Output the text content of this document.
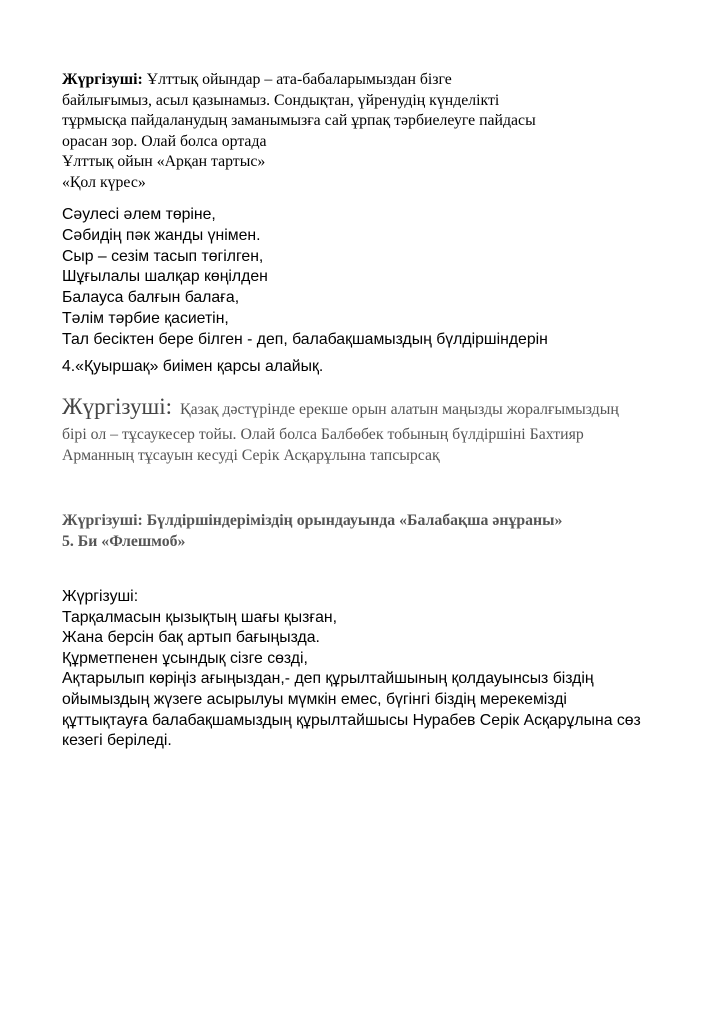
Жүргізуші: Ұлттық ойындар – ата-бабаларымыздан бізге
байлығымыз, асыл қазынамыз. Сондықтан, үйренудің күнделікті
тұрмысқа пайдаланудың заманымызға сай ұрпақ тәрбиелеуге пайдасы
орасан зор. Олай болса ортада
Ұлттық ойын «Арқан тартыс»
«Қол күрес»
Сәулесі әлем төріне,
Сәбидің пәк жанды үнімен.
Сыр – сезім тасып төгілген,
Шұғылалы шалқар көңілден
Балауса балғын балаға,
Тәлім тәрбие қасиетін,
Тал бесіктен бере білген - деп, балабақшамыздың бүлдіршіндерін
4.«Қуыршақ» биімен қарсы алайық.
Жүргізуші: Қазақ дәстүрінде ерекше орын алатын маңызды жоралғымыздың
бірі ол – тұсаукесер тойы. Олай болса Балбөбек тобының бүлдіршіні Бахтияр
Арманның тұсауын кесуді Серік Асқарұлына тапсырсақ
Жүргізуші: Бүлдіршіндеріміздің орындауында «Балабақша әнұраны»
5. Би «Флешмоб»
Жүргізуші:
Тарқалмасын қызықтың шағы қызған,
Жана берсін бақ артып бағыңызда.
Құрметпенен ұсындық сізге сөзді,
Ақтарылып көріңіз ағыңыздан,- деп құрылтайшының қолдауынсыз біздің
ойымыздың жүзеге асырылуы мүмкін емес, бүгінгі біздің мерекемізді
құттықтауға балабақшамыздың құрылтайшысы Нурабев Серік Асқарұлына сөз
кезегі беріледі.
